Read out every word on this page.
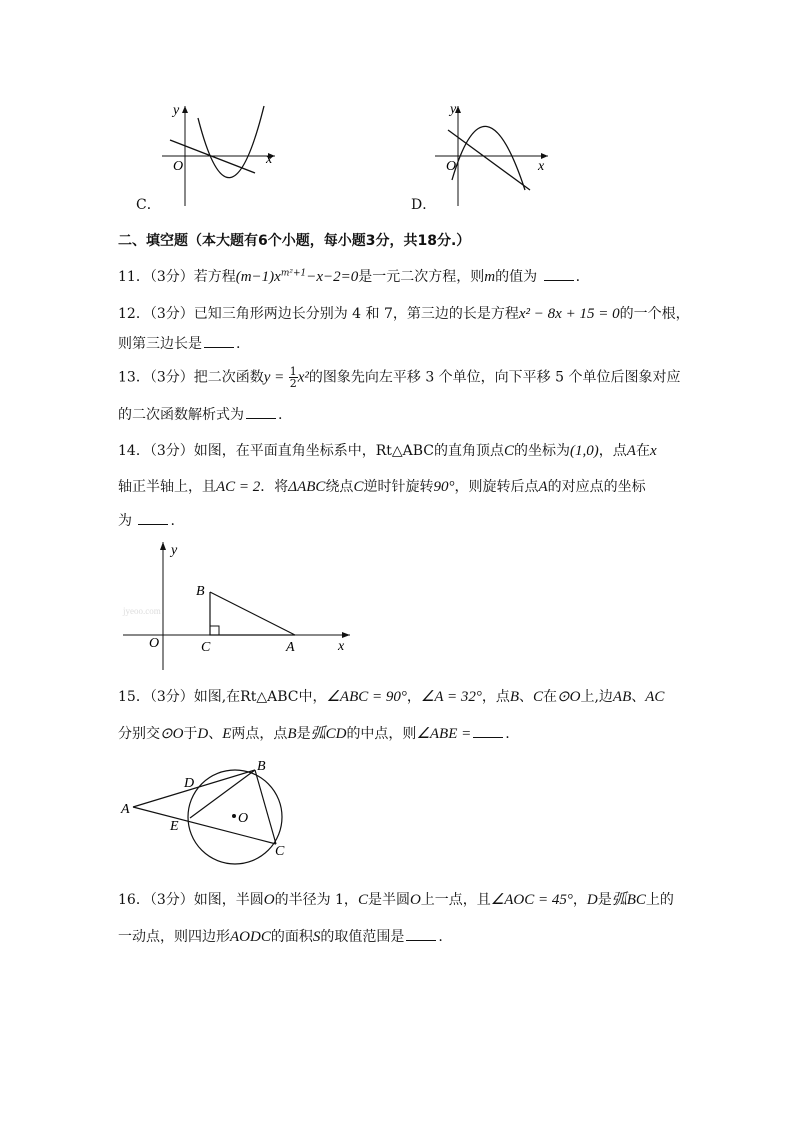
y
x
O
C．
y
x
O
D．
二、填空题（本大题有6个小题，每小题3分，共18分.）
11．（3分）若方程$(m-1)x^{m^2+1}-x-2=0$是一元二次方程，则m的值为	.
12．（3分）已知三角形两边长分别为 4 和 7，第三边的长是方程x² − 8x + 15 = 0的一个根，
则第三边长是 .
13．（3分）把二次函数$y = \frac{1}{2} x^2$的图象先向左平移 3 个单位，向下平移 5 个单位后图象对应
的二次函数解析式为 .
14．（3分）如图，在平面直角坐标系中，Rt△ABC的直角顶点C的坐标为(1,0)，点A在x
轴正半轴上，且AC = 2．将ΔABC绕点C逆时针旋转90°，则旋转后点A的对应点的坐标
为	.
jyeoo.com
y
x
O
B
C	A
15．（3分）如图,在Rt△ABC中，∠ABC = 90°，∠A = 32°，点B、C在⊙O上,边AB、AC
分别交⊙O于D、E两点，点B是弧CD的中点，则∠ABE = .
A
B
C
D
E
O
16．（3分）如图，半圆O的半径为 1，C是半圆O上一点，且∠AOC = 45°，D是弧BC上的
一动点，则四边形AODC的面积S的取值范围是 .
